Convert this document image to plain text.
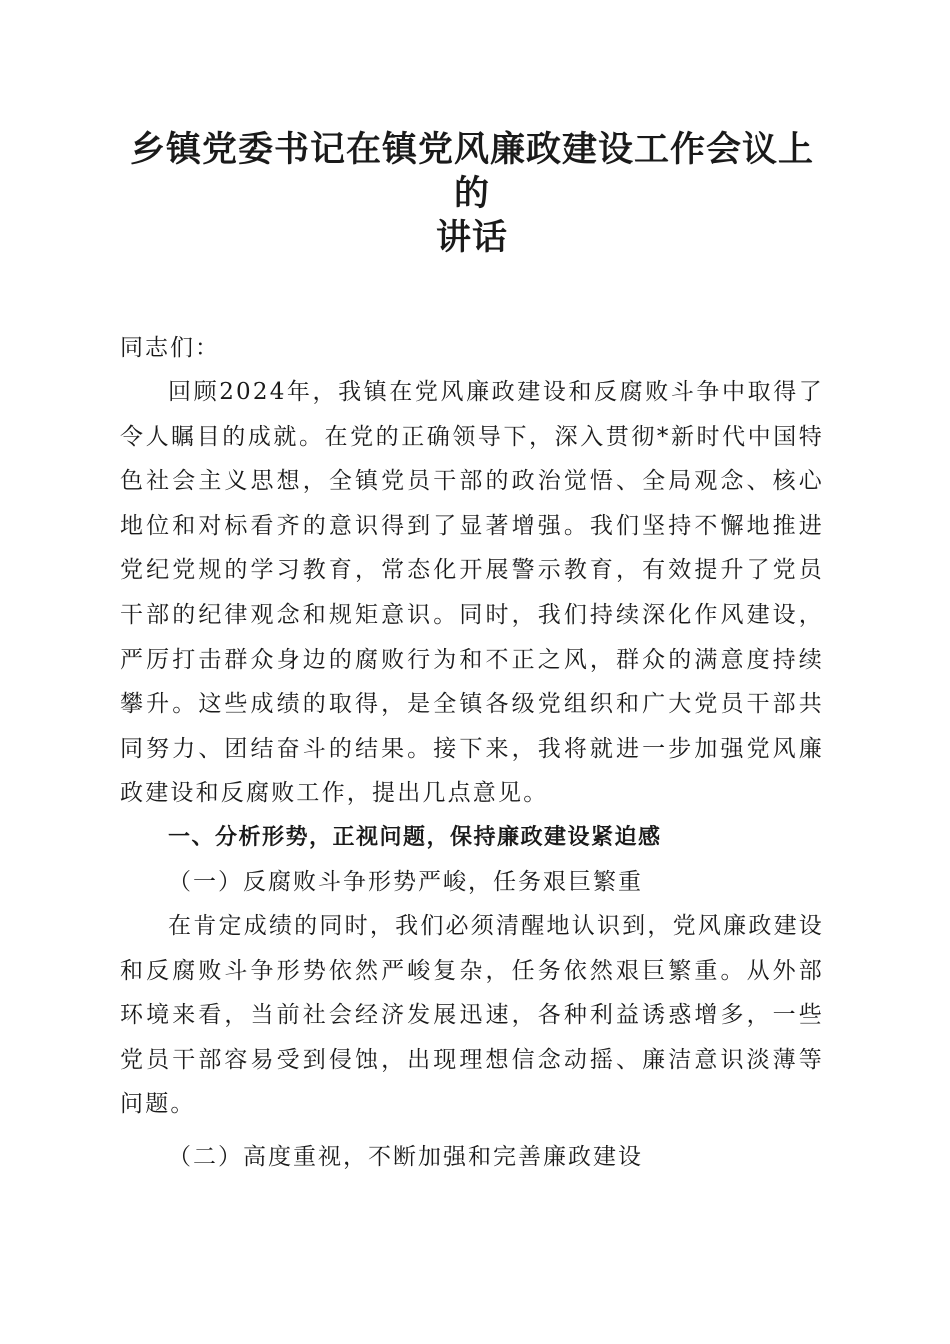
乡镇党委书记在镇党风廉政建设工作会议上的
讲话

同志们：

回顾2024年，我镇在党风廉政建设和反腐败斗争中取得了令人瞩目的成就。在党的正确领导下，深入贯彻*新时代中国特色社会主义思想，全镇党员干部的政治觉悟、全局观念、核心地位和对标看齐的意识得到了显著增强。我们坚持不懈地推进党纪党规的学习教育，常态化开展警示教育，有效提升了党员干部的纪律观念和规矩意识。同时，我们持续深化作风建设，严厉打击群众身边的腐败行为和不正之风，群众的满意度持续攀升。这些成绩的取得，是全镇各级党组织和广大党员干部共同努力、团结奋斗的结果。接下来，我将就进一步加强党风廉政建设和反腐败工作，提出几点意见。

一、分析形势，正视问题，保持廉政建设紧迫感

（一）反腐败斗争形势严峻，任务艰巨繁重

在肯定成绩的同时，我们必须清醒地认识到，党风廉政建设和反腐败斗争形势依然严峻复杂，任务依然艰巨繁重。从外部环境来看，当前社会经济发展迅速，各种利益诱惑增多，一些党员干部容易受到侵蚀，出现理想信念动摇、廉洁意识淡薄等问题。

（二）高度重视，不断加强和完善廉政建设
